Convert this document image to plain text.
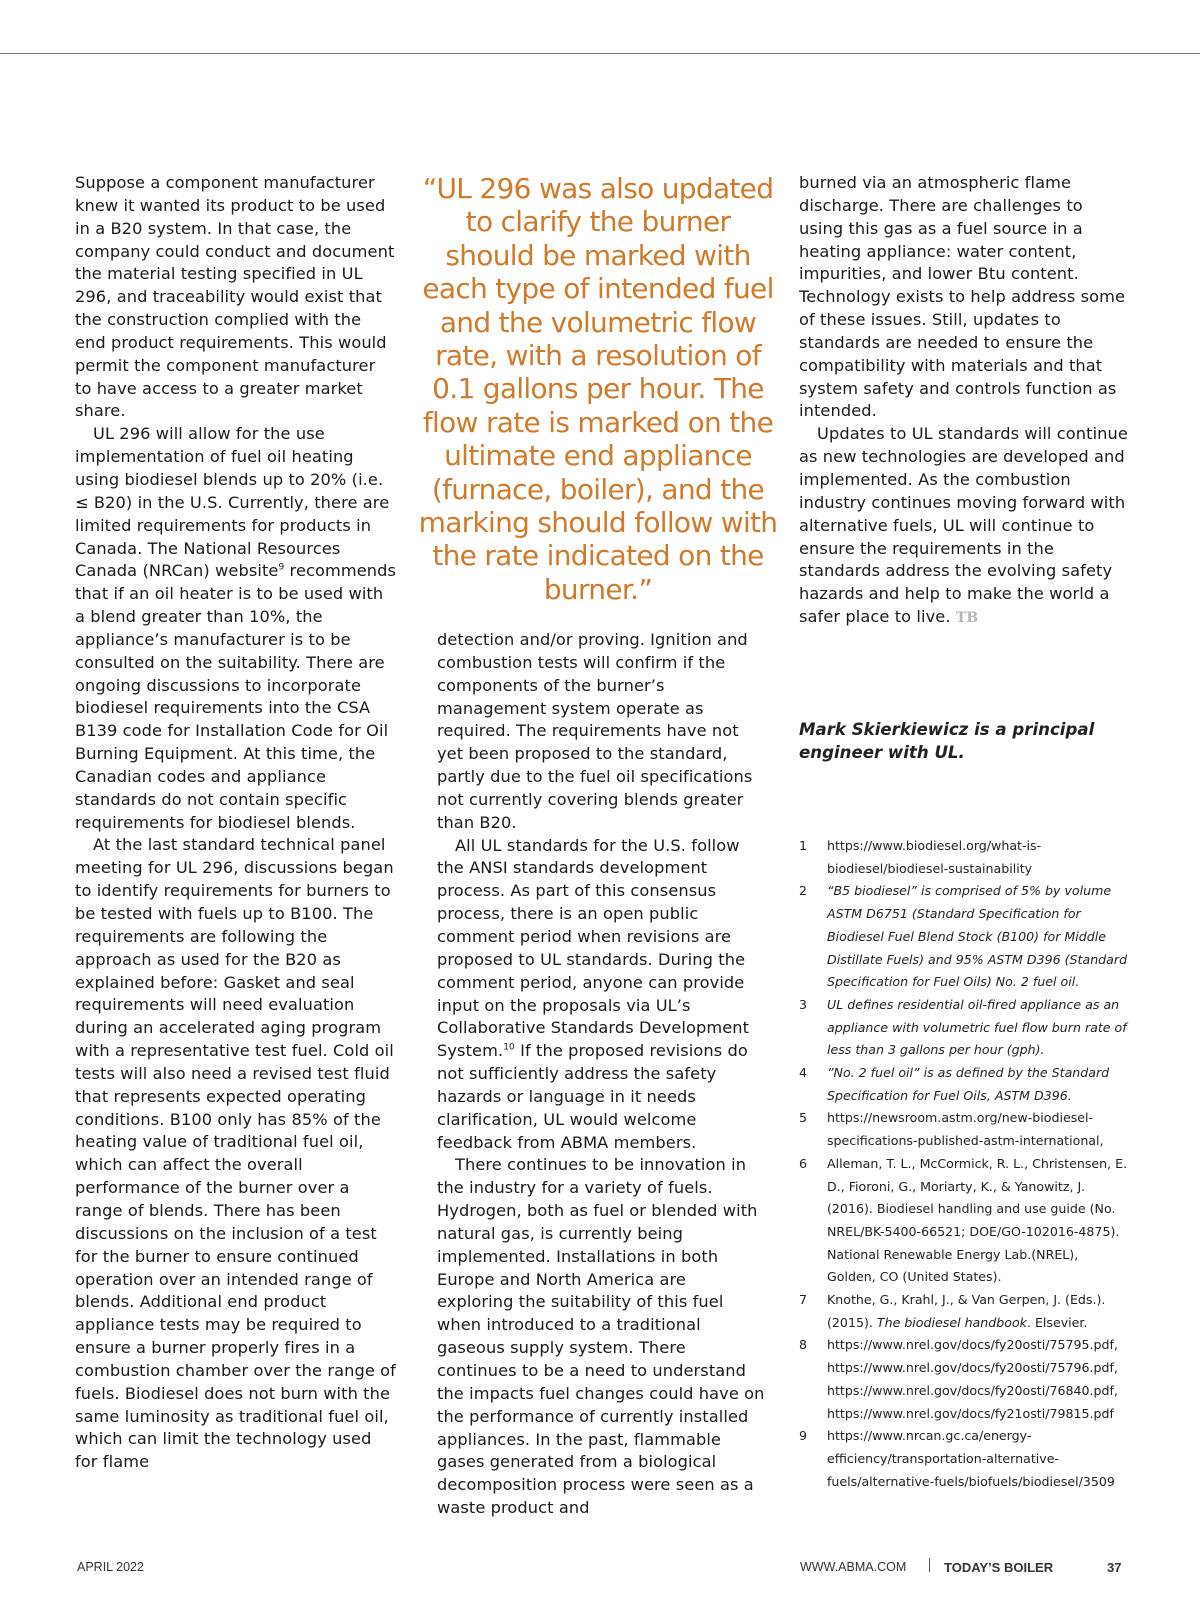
Suppose a component manufacturer knew it wanted its product to be used in a B20 system. In that case, the company could conduct and document the material testing specified in UL 296, and traceability would exist that the construction complied with the end product requirements. This would permit the component manufacturer to have access to a greater market share.

UL 296 will allow for the use implementation of fuel oil heating using biodiesel blends up to 20% (i.e. ≤ B20) in the U.S. Currently, there are limited requirements for products in Canada. The National Resources Canada (NRCan) website$^9$ recommends that if an oil heater is to be used with a blend greater than 10%, the appliance’s manufacturer is to be consulted on the suitability. There are ongoing discussions to incorporate biodiesel requirements into the CSA B139 code for Installation Code for Oil Burning Equipment. At this time, the Canadian codes and appliance standards do not contain specific requirements for biodiesel blends.

At the last standard technical panel meeting for UL 296, discussions began to identify requirements for burners to be tested with fuels up to B100. The requirements are following the approach as used for the B20 as explained before: Gasket and seal requirements will need evaluation during an accelerated aging program with a representative test fuel. Cold oil tests will also need a revised test fluid that represents expected operating conditions. B100 only has 85% of the heating value of traditional fuel oil, which can affect the overall performance of the burner over a range of blends. There has been discussions on the inclusion of a test for the burner to ensure continued operation over an intended range of blends. Additional end product appliance tests may be required to ensure a burner properly fires in a combustion chamber over the range of fuels. Biodiesel does not burn with the same luminosity as traditional fuel oil, which can limit the technology used for flame

“UL 296 was also updated to clarify the burner should be marked with each type of intended fuel and the volumetric flow rate, with a resolution of 0.1 gallons per hour. The flow rate is marked on the ultimate end appliance (furnace, boiler), and the marking should follow with the rate indicated on the burner.”

detection and/or proving. Ignition and combustion tests will confirm if the components of the burner’s management system operate as required. The requirements have not yet been proposed to the standard, partly due to the fuel oil specifications not currently covering blends greater than B20.

All UL standards for the U.S. follow the ANSI standards development process. As part of this consensus process, there is an open public comment period when revisions are proposed to UL standards. During the comment period, anyone can provide input on the proposals via UL’s Collaborative Standards Development System.$^{10}$ If the proposed revisions do not sufficiently address the safety hazards or language in it needs clarification, UL would welcome feedback from ABMA members.

There continues to be innovation in the industry for a variety of fuels. Hydrogen, both as fuel or blended with natural gas, is currently being implemented. Installations in both Europe and North America are exploring the suitability of this fuel when introduced to a traditional gaseous supply system. There continues to be a need to understand the impacts fuel changes could have on the performance of currently installed appliances. In the past, flammable gases generated from a biological decomposition process were seen as a waste product and

burned via an atmospheric flame discharge. There are challenges to using this gas as a fuel source in a heating appliance: water content, impurities, and lower Btu content. Technology exists to help address some of these issues. Still, updates to standards are needed to ensure the compatibility with materials and that system safety and controls function as intended.

Updates to UL standards will continue as new technologies are developed and implemented. As the combustion industry continues moving forward with alternative fuels, UL will continue to ensure the requirements in the standards address the evolving safety hazards and help to make the world a safer place to live. TB

Mark Skierkiewicz is a principal engineer with UL.
1 https://www.biodiesel.org/what-is-biodiesel/biodiesel-sustainability
2 “B5 biodiesel” is comprised of 5% by volume ASTM D6751 (Standard Specification for Biodiesel Fuel Blend Stock (B100) for Middle Distillate Fuels) and 95% ASTM D396 (Standard Specification for Fuel Oils) No. 2 fuel oil.
3 UL defines residential oil-fired appliance as an appliance with volumetric fuel flow burn rate of less than 3 gallons per hour (gph).
4 ”No. 2 fuel oil” is as defined by the Standard Specification for Fuel Oils, ASTM D396.
5 https://newsroom.astm.org/new-biodiesel-specifications-published-astm-international,
6 Alleman, T. L., McCormick, R. L., Christensen, E. D., Fioroni, G., Moriarty, K., & Yanowitz, J. (2016). Biodiesel handling and use guide (No. NREL/BK-5400-66521; DOE/GO-102016-4875). National Renewable Energy Lab.(NREL), Golden, CO (United States).
7 Knothe, G., Krahl, J., & Van Gerpen, J. (Eds.). (2015). The biodiesel handbook. Elsevier.
8 https://www.nrel.gov/docs/fy20osti/75795.pdf, https://www.nrel.gov/docs/fy20osti/75796.pdf, https://www.nrel.gov/docs/fy20osti/76840.pdf, https://www.nrel.gov/docs/fy21osti/79815.pdf
9 https://www.nrcan.gc.ca/energy-efficiency/transportation-alternative-fuels/alternative-fuels/biofuels/biodiesel/3509
APRIL 2022	WWW.ABMA.COM	TODAY’S BOILER	37
